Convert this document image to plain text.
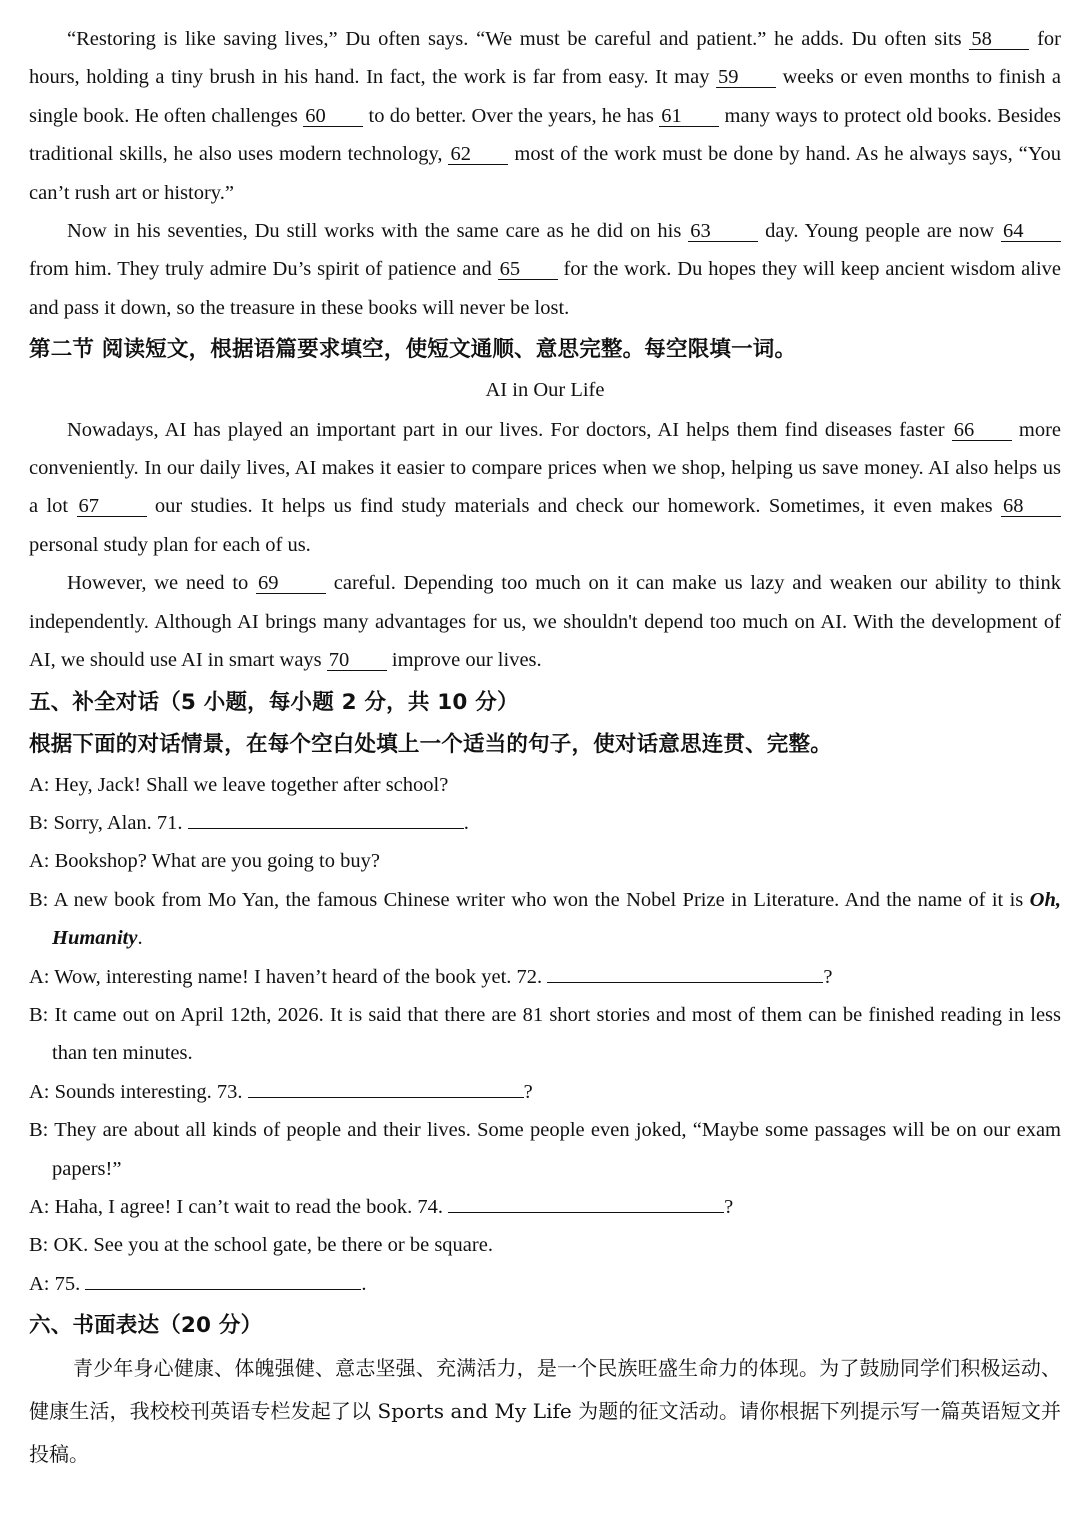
“Restoring is like saving lives,” Du often says. “We must be careful and patient.” he adds. Du often sits 58 for hours, holding a tiny brush in his hand. In fact, the work is far from easy. It may 59 weeks or even months to finish a single book. He often challenges 60 to do better. Over the years, he has 61 many ways to protect old books. Besides traditional skills, he also uses modern technology, 62 most of the work must be done by hand. As he always says, “You can’t rush art or history.”

Now in his seventies, Du still works with the same care as he did on his 63	day. Young people are now 64 from him. They truly admire Du’s spirit of patience and 65 for the work. Du hopes they will keep ancient wisdom alive and pass it down, so the treasure in these books will never be lost.

第二节 阅读短文，根据语篇要求填空，使短文通顺、意思完整。每空限填一词。
AI in Our Life

Nowadays, AI has played an important part in our lives. For doctors, AI helps them find diseases faster 66 more conveniently. In our daily lives, AI makes it easier to compare prices when we shop, helping us save money. AI also helps us a lot 67	our studies. It helps us find study materials and check our homework. Sometimes, it even makes 68 personal study plan for each of us.

However, we need to 69	careful. Depending too much on it can make us lazy and weaken our ability to think independently. Although AI brings many advantages for us, we shouldn't depend too much on AI. With the development of AI, we should use AI in smart ways 70 improve our lives.

五、补全对话（5 小题，每小题 2 分，共 10 分）
根据下面的对话情景，在每个空白处填上一个适当的句子，使对话意思连贯、完整。

A: Hey, Jack! Shall we leave together after school?

B: Sorry, Alan. 71.	.

A: Bookshop? What are you going to buy?

B: A new book from Mo Yan, the famous Chinese writer who won the Nobel Prize in Literature. And the name of it is Oh, Humanity.

A: Wow, interesting name! I haven’t heard of the book yet. 72.	?

B: It came out on April 12th, 2026. It is said that there are 81 short stories and most of them can be finished reading in less than ten minutes.

A: Sounds interesting. 73.	?

B: They are about all kinds of people and their lives. Some people even joked, “Maybe some passages will be on our exam papers!”

A: Haha, I agree! I can’t wait to read the book. 74.	?

B: OK. See you at the school gate, be there or be square.

A: 75.	.

六、书面表达（20 分）

青少年身心健康、体魄强健、意志坚强、充满活力，是一个民族旺盛生命力的体现。为了鼓励同学们积极运动、健康生活，我校校刊英语专栏发起了以 Sports and My Life 为题的征文活动。请你根据下列提示写一篇英语短文并投稿。
